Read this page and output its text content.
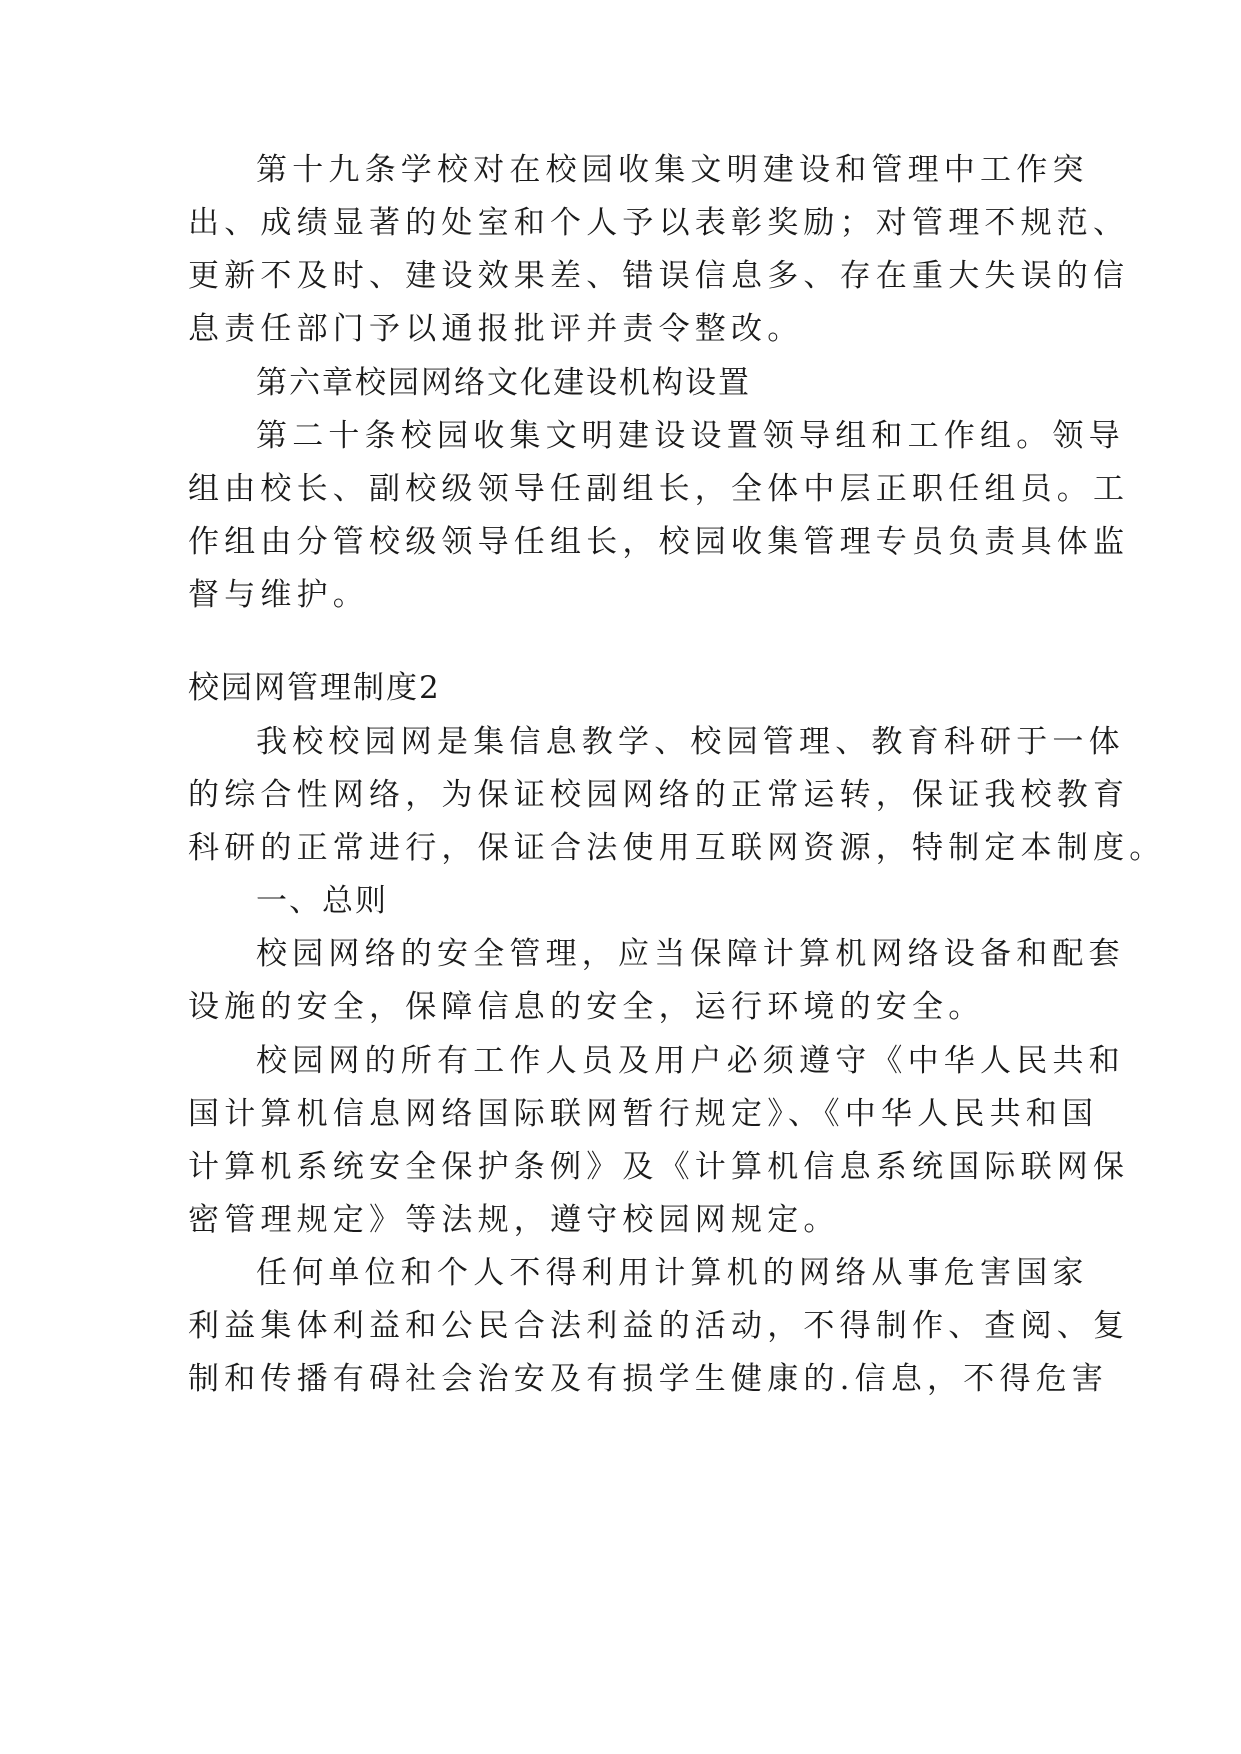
第十九条学校对在校园收集文明建设和管理中工作突
出、成绩显著的处室和个人予以表彰奖励；对管理不规范、
更新不及时、建设效果差、错误信息多、存在重大失误的信
息责任部门予以通报批评并责令整改。
第六章校园网络文化建设机构设置
第二十条校园收集文明建设设置领导组和工作组。领导
组由校长、副校级领导任副组长，全体中层正职任组员。工
作组由分管校级领导任组长，校园收集管理专员负责具体监
督与维护。
校园网管理制度2
我校校园网是集信息教学、校园管理、教育科研于一体
的综合性网络，为保证校园网络的正常运转，保证我校教育
科研的正常进行，保证合法使用互联网资源，特制定本制度。
一、总则
校园网络的安全管理，应当保障计算机网络设备和配套
设施的安全，保障信息的安全，运行环境的安全。
校园网的所有工作人员及用户必须遵守《中华人民共和
国计算机信息网络国际联网暂行规定》、《中华人民共和国
计算机系统安全保护条例》及《计算机信息系统国际联网保
密管理规定》等法规，遵守校园网规定。
任何单位和个人不得利用计算机的网络从事危害国家
利益集体利益和公民合法利益的活动，不得制作、查阅、复
制和传播有碍社会治安及有损学生健康的.信息，不得危害
